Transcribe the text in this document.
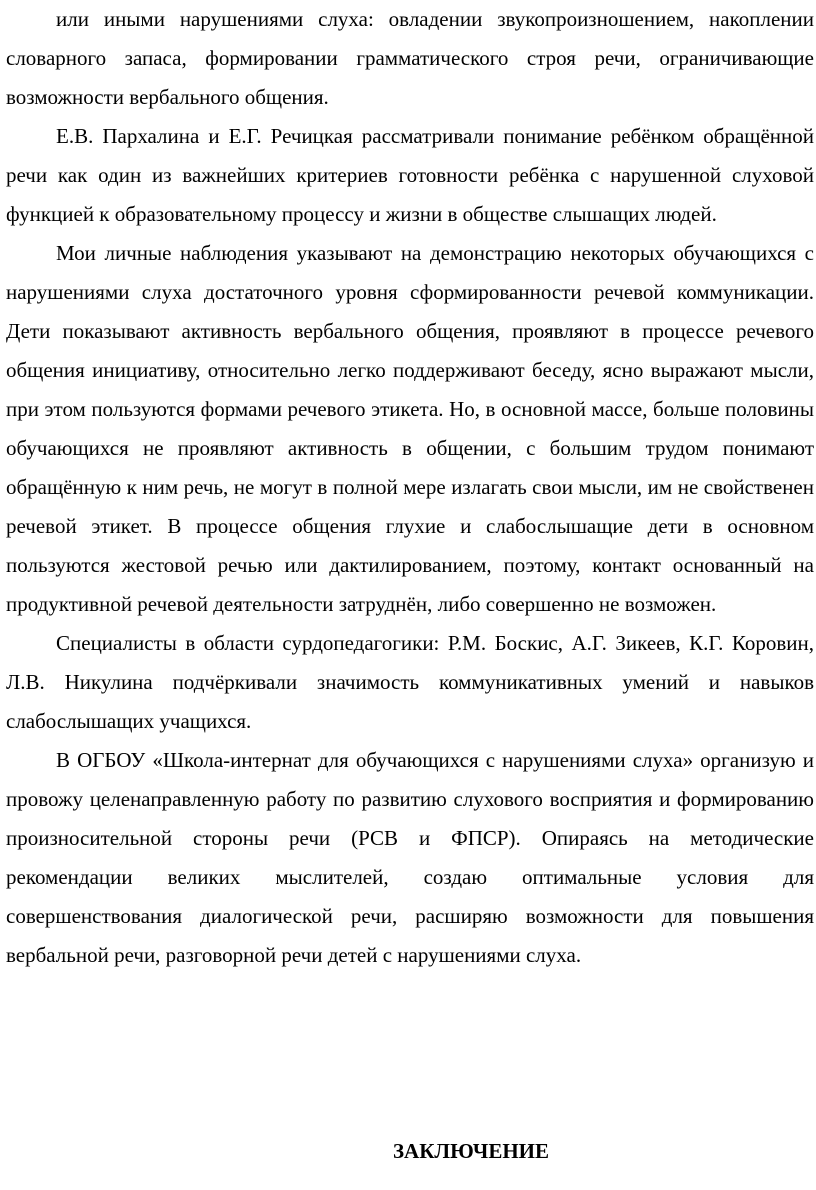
или иными нарушениями слуха: овладении звукопроизношением, накоплении словарного запаса, формировании грамматического строя речи, ограничивающие возможности вербального общения.

Е.В. Пархалина и Е.Г. Речицкая рассматривали понимание ребёнком обращённой речи как один из важнейших критериев готовности ребёнка с нарушенной слуховой функцией к образовательному процессу и жизни в обществе слышащих людей.

Мои личные наблюдения указывают на демонстрацию некоторых обучающихся с нарушениями слуха достаточного уровня сформированности речевой коммуникации. Дети показывают активность вербального общения, проявляют в процессе речевого общения инициативу, относительно легко поддерживают беседу, ясно выражают мысли, при этом пользуются формами речевого этикета. Но, в основной массе, больше половины обучающихся не проявляют активность в общении, с большим трудом понимают обращённую к ним речь, не могут в полной мере излагать свои мысли, им не свойственен речевой этикет. В процессе общения глухие и слабослышащие дети в основном пользуются жестовой речью или дактилированием, поэтому, контакт основанный на продуктивной речевой деятельности затруднён, либо совершенно не возможен.

Специалисты в области сурдопедагогики: Р.М. Боскис, А.Г. Зикеев, К.Г. Коровин, Л.В. Никулина подчёркивали значимость коммуникативных умений и навыков слабослышащих учащихся.

В ОГБОУ «Школа-интернат для обучающихся с нарушениями слуха» организую и провожу целенаправленную работу по развитию слухового восприятия и формированию произносительной стороны речи (РСВ и ФПСР). Опираясь на методические рекомендации великих мыслителей, создаю оптимальные условия для совершенствования диалогической речи, расширяю возможности для повышения вербальной речи, разговорной речи детей с нарушениями слуха.

ЗАКЛЮЧЕНИЕ
